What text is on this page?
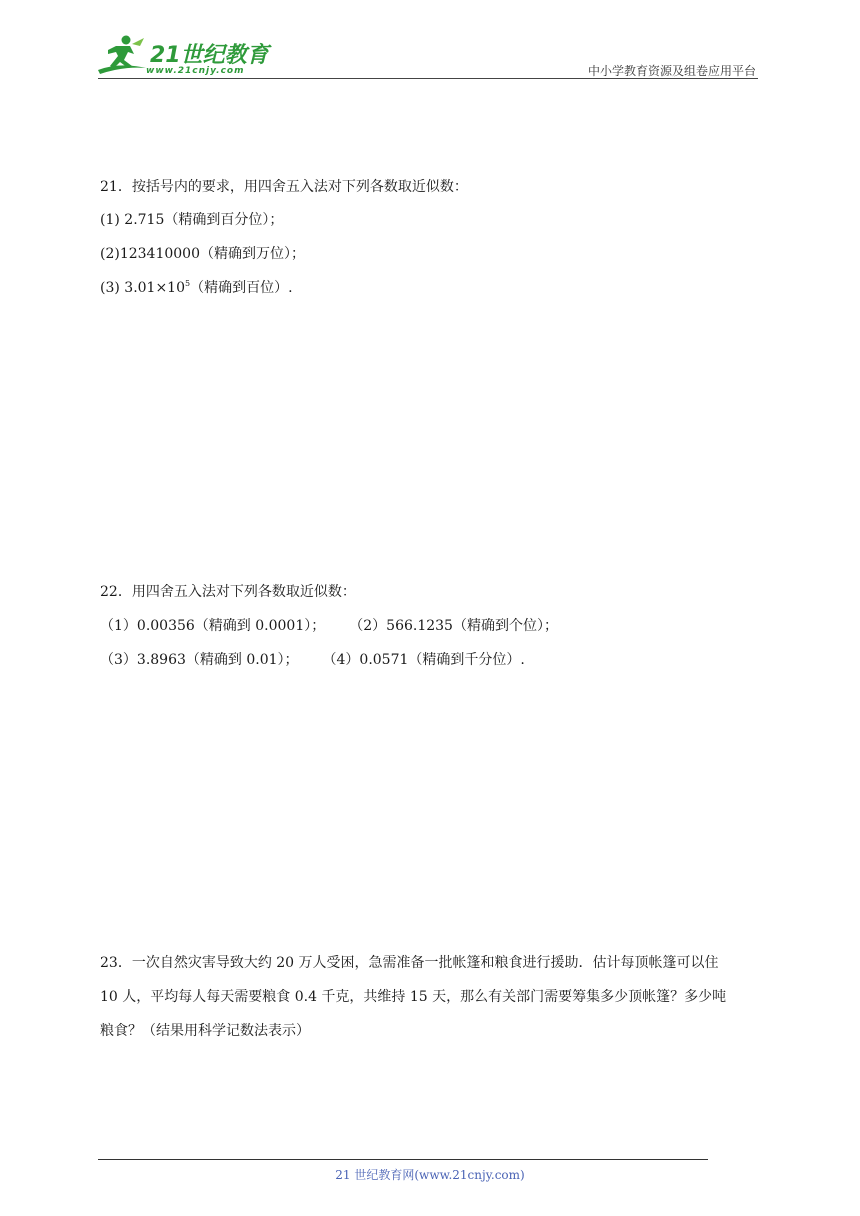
21世纪教育
www.21cnjy.com	中小学教育资源及组卷应用平台
21．按括号内的要求，用四舍五入法对下列各数取近似数：
(1) 2.715（精确到百分位）；
(2)123410000（精确到万位）；
(3) $3.01\times 10^5$（精确到百位）.
22．用四舍五入法对下列各数取近似数：
（1）0.00356（精确到 0.0001）； （2）566.1235（精确到个位）；
（3）3.8963（精确到 0.01）； （4）0.0571（精确到千分位）.
23．一次自然灾害导致大约 20 万人受困，急需准备一批帐篷和粮食进行援助．估计每顶帐篷可以住
10 人，平均每人每天需要粮食 0.4 千克，共维持 15 天，那么有关部门需要筹集多少顶帐篷？多少吨
粮食？（结果用科学记数法表示）
21 世纪教育网(www.21cnjy.com)
